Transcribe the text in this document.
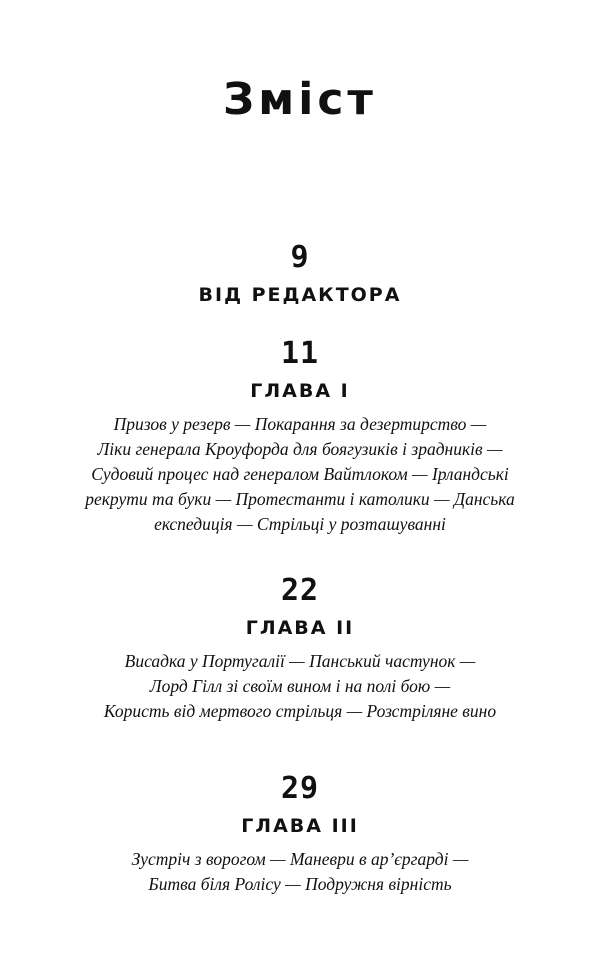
Зміст
9
ВІД РЕДАКТОРА
11
ГЛАВА І
Призов у резерв — Покарання за дезертирство —
Ліки генерала Кроуфорда для боягузиків і зрадників —
Судовий процес над генералом Вайтлоком — Ірландські
рекрути та буки — Протестанти і католики — Данська
експедиція — Стрільці у розташуванні
22
ГЛАВА ІІ
Висадка у Португалії — Панський частунок —
Лорд Гілл зі своїм вином і на полі бою —
Користь від мертвого стрільця — Розстріляне вино
29
ГЛАВА ІІІ
Зустріч з ворогом — Маневри в ар’єргарді —
Битва біля Ролісу — Подружня вірність
